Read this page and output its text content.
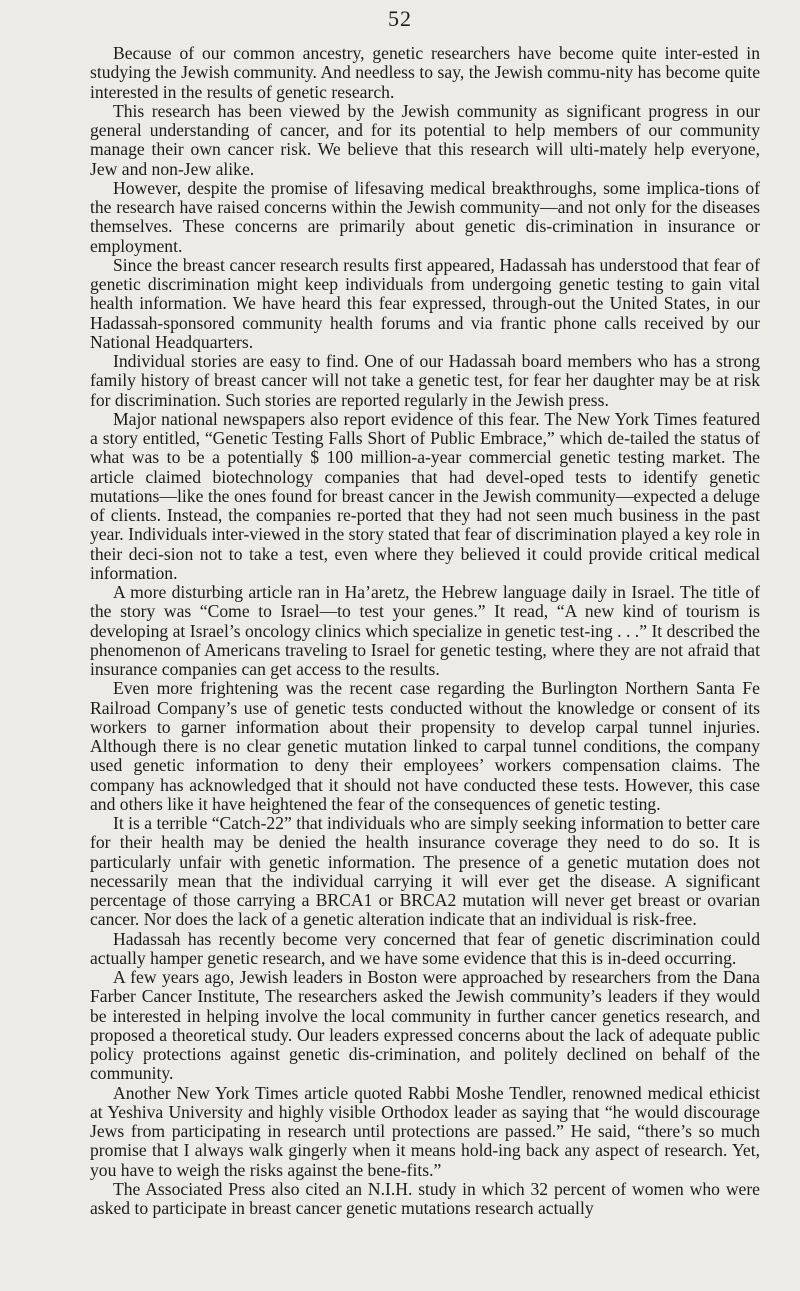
52

Because of our common ancestry, genetic researchers have become quite inter-ested in studying the Jewish community. And needless to say, the Jewish commu-nity has become quite interested in the results of genetic research.

This research has been viewed by the Jewish community as significant progress in our general understanding of cancer, and for its potential to help members of our community manage their own cancer risk. We believe that this research will ulti-mately help everyone, Jew and non-Jew alike.

However, despite the promise of lifesaving medical breakthroughs, some implica-tions of the research have raised concerns within the Jewish community—and not only for the diseases themselves. These concerns are primarily about genetic dis-crimination in insurance or employment.

Since the breast cancer research results first appeared, Hadassah has understood that fear of genetic discrimination might keep individuals from undergoing genetic testing to gain vital health information. We have heard this fear expressed, through-out the United States, in our Hadassah-sponsored community health forums and via frantic phone calls received by our National Headquarters.

Individual stories are easy to find. One of our Hadassah board members who has a strong family history of breast cancer will not take a genetic test, for fear her daughter may be at risk for discrimination. Such stories are reported regularly in the Jewish press.

Major national newspapers also report evidence of this fear. The New York Times featured a story entitled, “Genetic Testing Falls Short of Public Embrace,” which de-tailed the status of what was to be a potentially $ 100 million-a-year commercial genetic testing market. The article claimed biotechnology companies that had devel-oped tests to identify genetic mutations—like the ones found for breast cancer in the Jewish community—expected a deluge of clients. Instead, the companies re-ported that they had not seen much business in the past year. Individuals inter-viewed in the story stated that fear of discrimination played a key role in their deci-sion not to take a test, even where they believed it could provide critical medical information.

A more disturbing article ran in Ha’aretz, the Hebrew language daily in Israel. The title of the story was “Come to Israel—to test your genes.” It read, “A new kind of tourism is developing at Israel’s oncology clinics which specialize in genetic test-ing . . .” It described the phenomenon of Americans traveling to Israel for genetic testing, where they are not afraid that insurance companies can get access to the results.

Even more frightening was the recent case regarding the Burlington Northern Santa Fe Railroad Company’s use of genetic tests conducted without the knowledge or consent of its workers to garner information about their propensity to develop carpal tunnel injuries. Although there is no clear genetic mutation linked to carpal tunnel conditions, the company used genetic information to deny their employees’ workers compensation claims. The company has acknowledged that it should not have conducted these tests. However, this case and others like it have heightened the fear of the consequences of genetic testing.

It is a terrible “Catch-22” that individuals who are simply seeking information to better care for their health may be denied the health insurance coverage they need to do so. It is particularly unfair with genetic information. The presence of a genetic mutation does not necessarily mean that the individual carrying it will ever get the disease. A significant percentage of those carrying a BRCA1 or BRCA2 mutation will never get breast or ovarian cancer. Nor does the lack of a genetic alteration indicate that an individual is risk-free.

Hadassah has recently become very concerned that fear of genetic discrimination could actually hamper genetic research, and we have some evidence that this is in-deed occurring.

A few years ago, Jewish leaders in Boston were approached by researchers from the Dana Farber Cancer Institute, The researchers asked the Jewish community’s leaders if they would be interested in helping involve the local community in further cancer genetics research, and proposed a theoretical study. Our leaders expressed concerns about the lack of adequate public policy protections against genetic dis-crimination, and politely declined on behalf of the community.

Another New York Times article quoted Rabbi Moshe Tendler, renowned medical ethicist at Yeshiva University and highly visible Orthodox leader as saying that “he would discourage Jews from participating in research until protections are passed.” He said, “there’s so much promise that I always walk gingerly when it means hold-ing back any aspect of research. Yet, you have to weigh the risks against the bene-fits.”

The Associated Press also cited an N.I.H. study in which 32 percent of women who were asked to participate in breast cancer genetic mutations research actually
